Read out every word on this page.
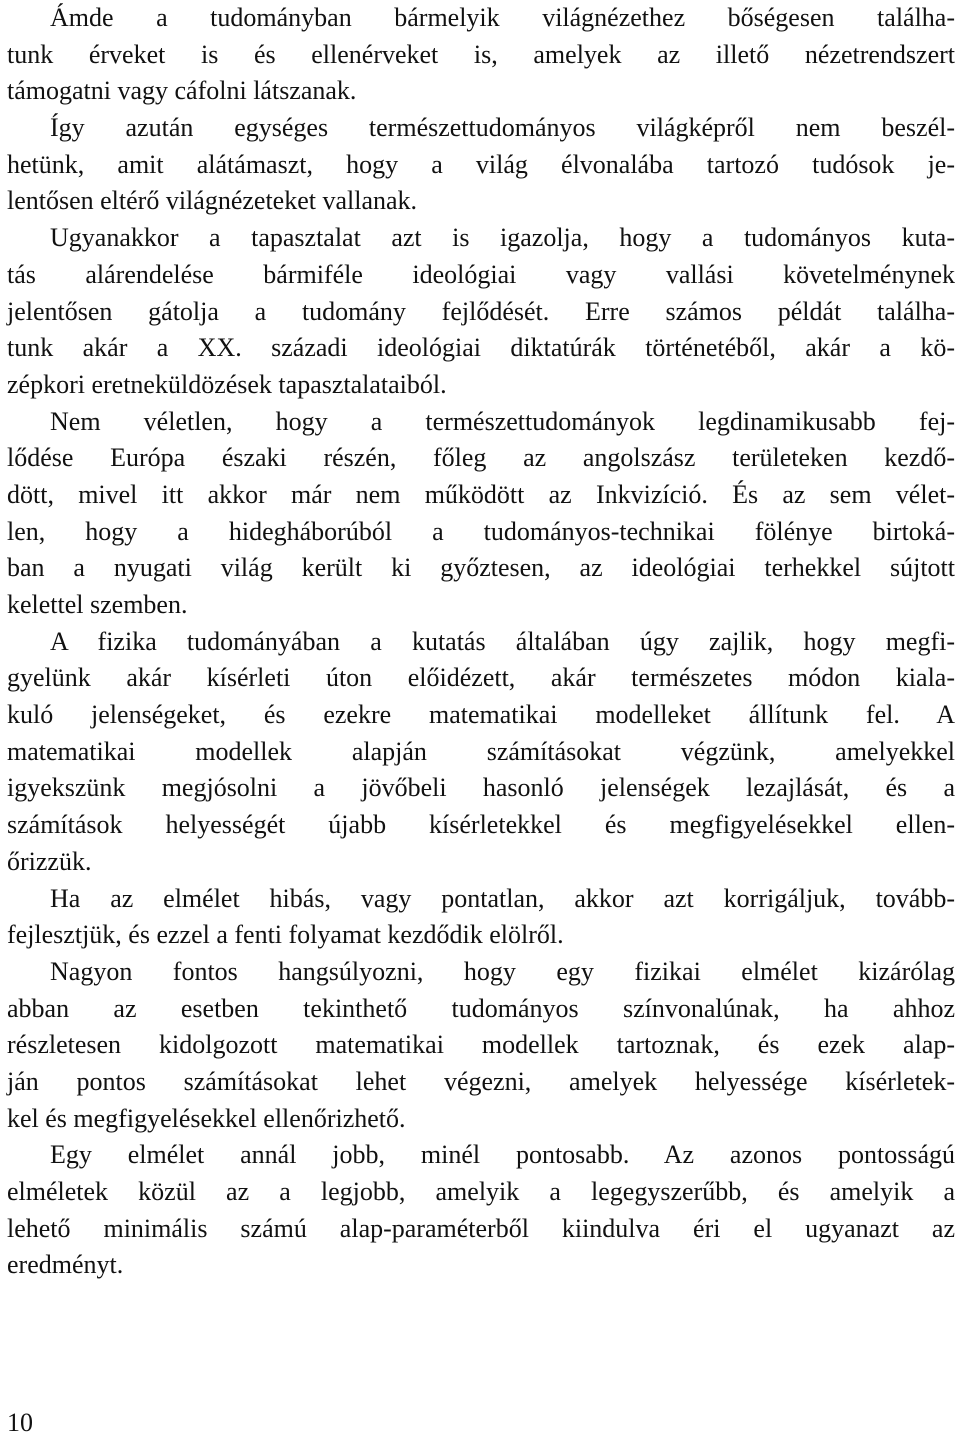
Ámde a tudományban bármelyik világnézethez bőségesen találha-
tunk érveket is és ellenérveket is, amelyek az illető nézetrendszert
támogatni vagy cáfolni látszanak.
Így azután egységes természettudományos világképről nem beszél-
hetünk, amit alátámaszt, hogy a világ élvonalába tartozó tudósok je-
lentősen eltérő világnézeteket vallanak.
Ugyanakkor a tapasztalat azt is igazolja, hogy a tudományos kuta-
tás alárendelése bármiféle ideológiai vagy vallási követelménynek
jelentősen gátolja a tudomány fejlődését. Erre számos példát találha-
tunk akár a XX. századi ideológiai diktatúrák történetéből, akár a kö-
zépkori eretneküldözések tapasztalataiból.
Nem véletlen, hogy a természettudományok legdinamikusabb fej-
lődése Európa északi részén, főleg az angolszász területeken kezdő-
dött, mivel itt akkor már nem működött az Inkvizíció. És az sem vélet-
len, hogy a hidegháborúból a tudományos-technikai fölénye birtoká-
ban a nyugati világ került ki győztesen, az ideológiai terhekkel sújtott
kelettel szemben.
A fizika tudományában a kutatás általában úgy zajlik, hogy megfi-
gyelünk akár kísérleti úton előidézett, akár természetes módon kiala-
kuló jelenségeket, és ezekre matematikai modelleket állítunk fel. A
matematikai modellek alapján számításokat végzünk, amelyekkel
igyekszünk megjósolni a jövőbeli hasonló jelenségek lezajlását, és a
számítások helyességét újabb kísérletekkel és megfigyelésekkel ellen-
őrizzük.
Ha az elmélet hibás, vagy pontatlan, akkor azt korrigáljuk, tovább-
fejlesztjük, és ezzel a fenti folyamat kezdődik elölről.
Nagyon fontos hangsúlyozni, hogy egy fizikai elmélet kizárólag
abban az esetben tekinthető tudományos színvonalúnak, ha ahhoz
részletesen kidolgozott matematikai modellek tartoznak, és ezek alap-
ján pontos számításokat lehet végezni, amelyek helyessége kísérletek-
kel és megfigyelésekkel ellenőrizhető.
Egy elmélet annál jobb, minél pontosabb. Az azonos pontosságú
elméletek közül az a legjobb, amelyik a legegyszerűbb, és amelyik a
lehető minimális számú alap-paraméterből kiindulva éri el ugyanazt az
eredményt.
10
